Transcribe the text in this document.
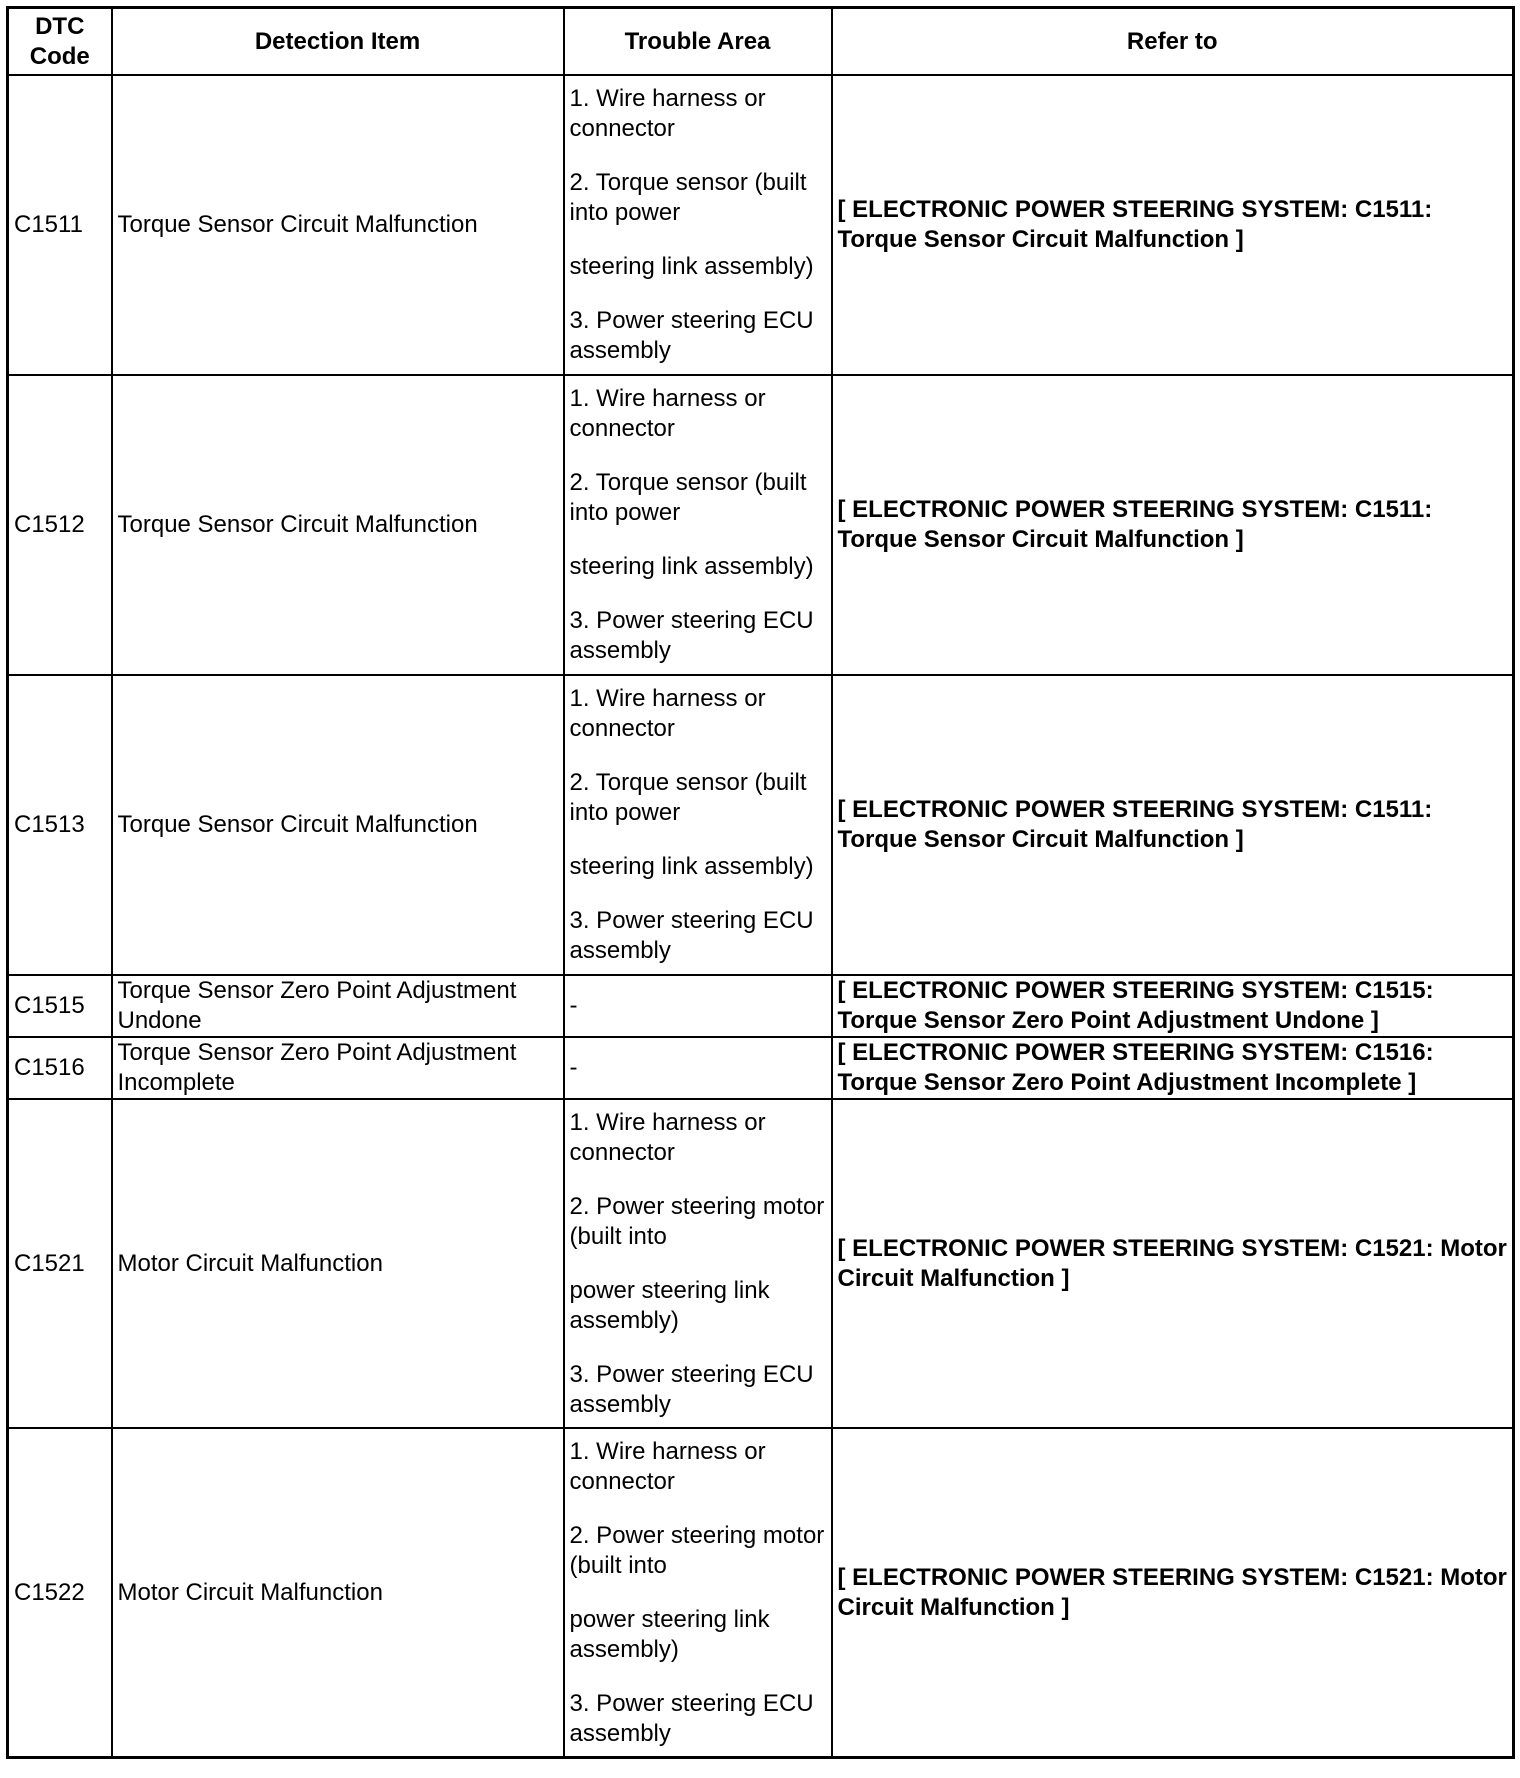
DTC Code	Detection Item	Trouble Area	Refer to
C1511	Torque Sensor Circuit Malfunction	1. Wire harness or connector

2. Torque sensor (built into power

steering link assembly)

3. Power steering ECU assembly	[ ELECTRONIC POWER STEERING SYSTEM: C1511: Torque Sensor Circuit Malfunction ]
C1512	Torque Sensor Circuit Malfunction	1. Wire harness or connector

2. Torque sensor (built into power

steering link assembly)

3. Power steering ECU assembly	[ ELECTRONIC POWER STEERING SYSTEM: C1511: Torque Sensor Circuit Malfunction ]
C1513	Torque Sensor Circuit Malfunction	1. Wire harness or connector

2. Torque sensor (built into power

steering link assembly)

3. Power steering ECU assembly	[ ELECTRONIC POWER STEERING SYSTEM: C1511: Torque Sensor Circuit Malfunction ]
C1515	Torque Sensor Zero Point Adjustment Undone	-	[ ELECTRONIC POWER STEERING SYSTEM: C1515: Torque Sensor Zero Point Adjustment Undone ]
C1516	Torque Sensor Zero Point Adjustment Incomplete	-	[ ELECTRONIC POWER STEERING SYSTEM: C1516: Torque Sensor Zero Point Adjustment Incomplete ]
C1521	Motor Circuit Malfunction	1. Wire harness or connector

2. Power steering motor (built into

power steering link assembly)

3. Power steering ECU assembly	[ ELECTRONIC POWER STEERING SYSTEM: C1521: Motor Circuit Malfunction ]
C1522	Motor Circuit Malfunction	1. Wire harness or connector

2. Power steering motor (built into

power steering link assembly)

3. Power steering ECU assembly	[ ELECTRONIC POWER STEERING SYSTEM: C1521: Motor Circuit Malfunction ]
